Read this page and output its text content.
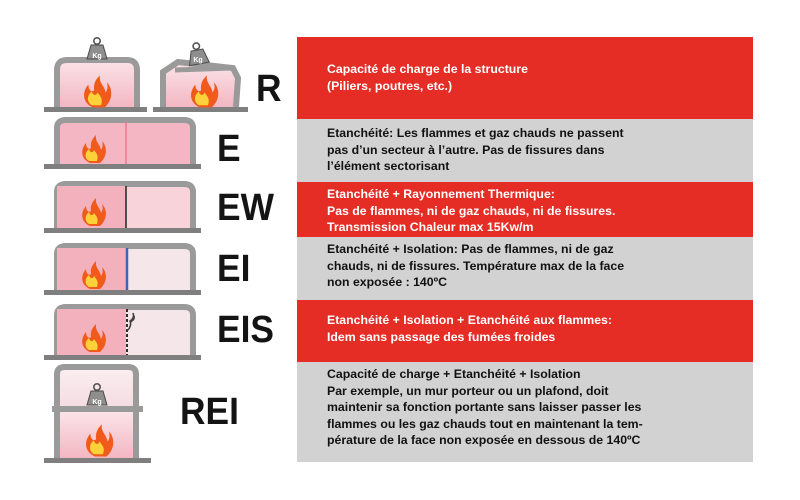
Kg
Kg
Kg
R
E
EW
EI
EIS
REI

Capacité de charge de la structure
(Piliers, poutres, etc.)

Etanchéité: Les flammes et gaz chauds ne passent
pas d’un secteur à l’autre. Pas de fissures dans
l’élément sectorisant

Etanchéité + Rayonnement Thermique:
Pas de flammes, ni de gaz chauds, ni de fissures.
Transmission Chaleur max 15Kw/m

Etanchéité + Isolation: Pas de flammes, ni de gaz
chauds, ni de fissures. Température max de la face
non exposée : 140ºC

Etanchéité + Isolation + Etanchéité aux flammes:
Idem sans passage des fumées froides

Capacité de charge + Etanchéité + Isolation
Par exemple, un mur porteur ou un plafond, doit
maintenir sa fonction portante sans laisser passer les
flammes ou les gaz chauds tout en maintenant la tem-
pérature de la face non exposée en dessous de 140ºC
